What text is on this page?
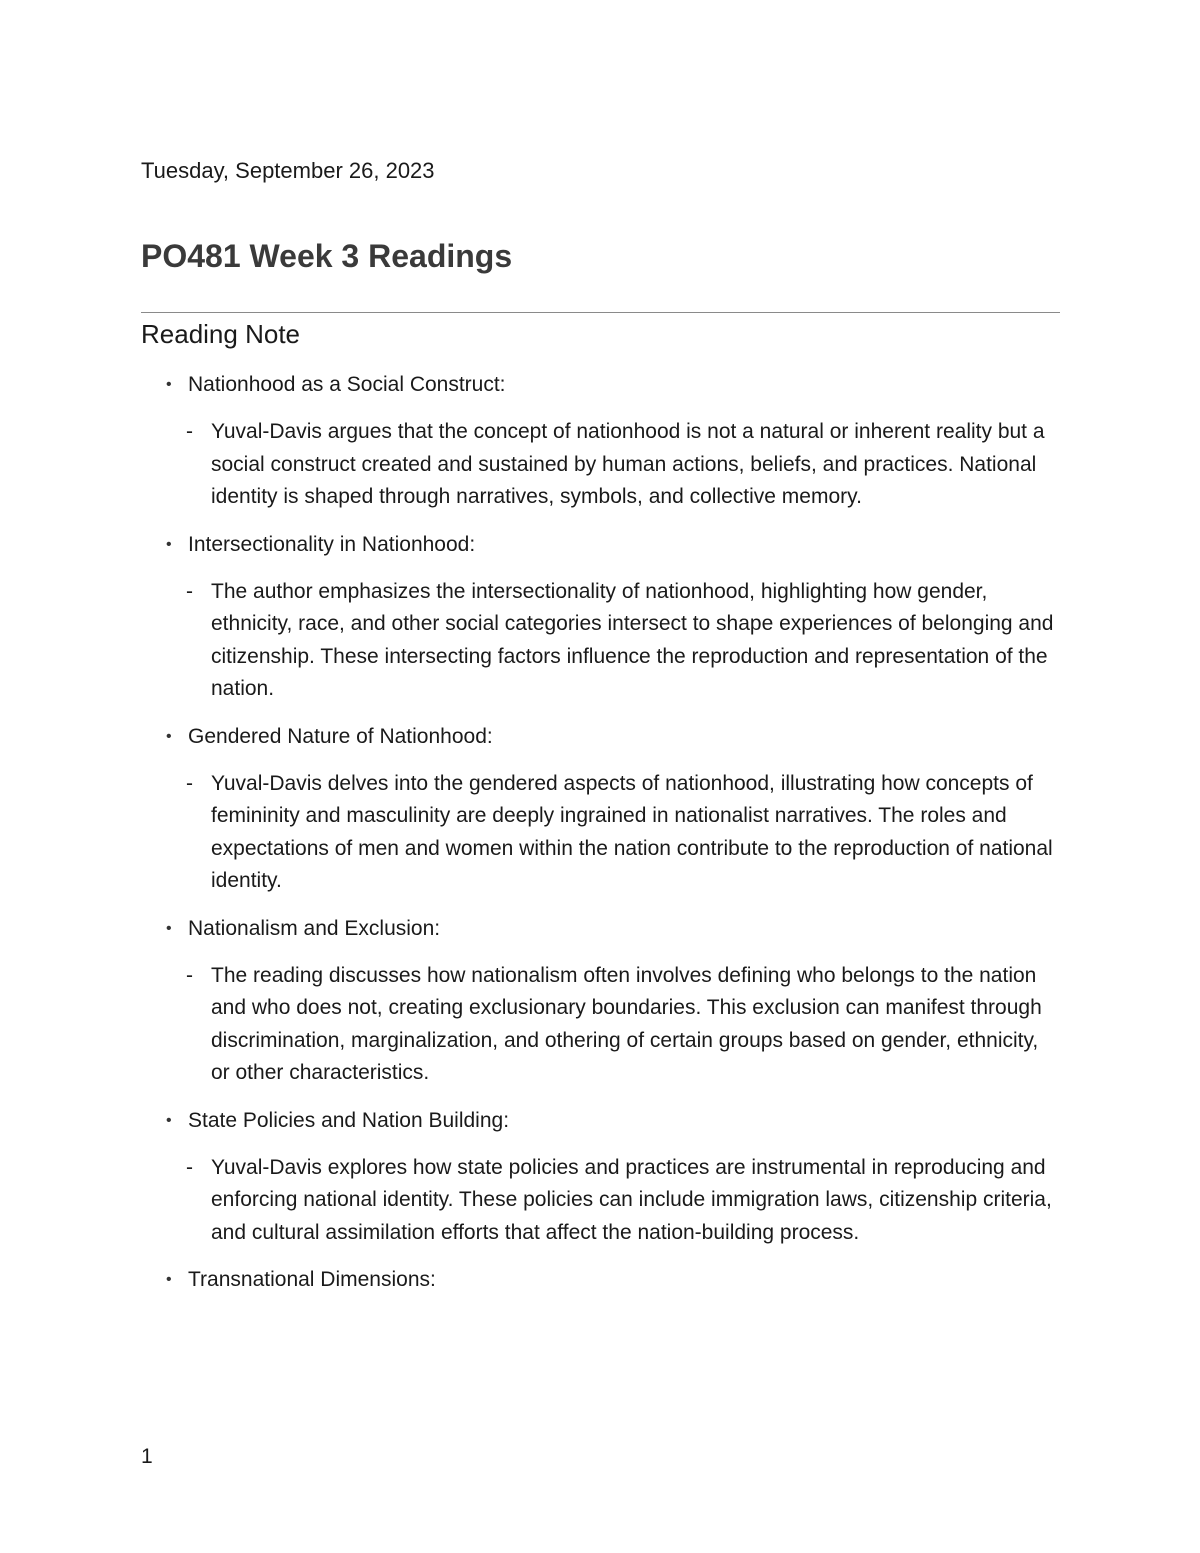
Tuesday, September 26, 2023
PO481 Week 3 Readings
Reading Note
• Nationhood as a Social Construct:
- Yuval-Davis argues that the concept of nationhood is not a natural or inherent reality but a social construct created and sustained by human actions, beliefs, and practices. National identity is shaped through narratives, symbols, and collective memory.
• Intersectionality in Nationhood:
- The author emphasizes the intersectionality of nationhood, highlighting how gender, ethnicity, race, and other social categories intersect to shape experiences of belonging and citizenship. These intersecting factors influence the reproduction and representation of the nation.
• Gendered Nature of Nationhood:
- Yuval-Davis delves into the gendered aspects of nationhood, illustrating how concepts of femininity and masculinity are deeply ingrained in nationalist narratives. The roles and expectations of men and women within the nation contribute to the reproduction of national identity.
• Nationalism and Exclusion:
- The reading discusses how nationalism often involves defining who belongs to the nation and who does not, creating exclusionary boundaries. This exclusion can manifest through discrimination, marginalization, and othering of certain groups based on gender, ethnicity, or other characteristics.
• State Policies and Nation Building:
- Yuval-Davis explores how state policies and practices are instrumental in reproducing and enforcing national identity. These policies can include immigration laws, citizenship criteria, and cultural assimilation efforts that affect the nation-building process.
• Transnational Dimensions:
1
